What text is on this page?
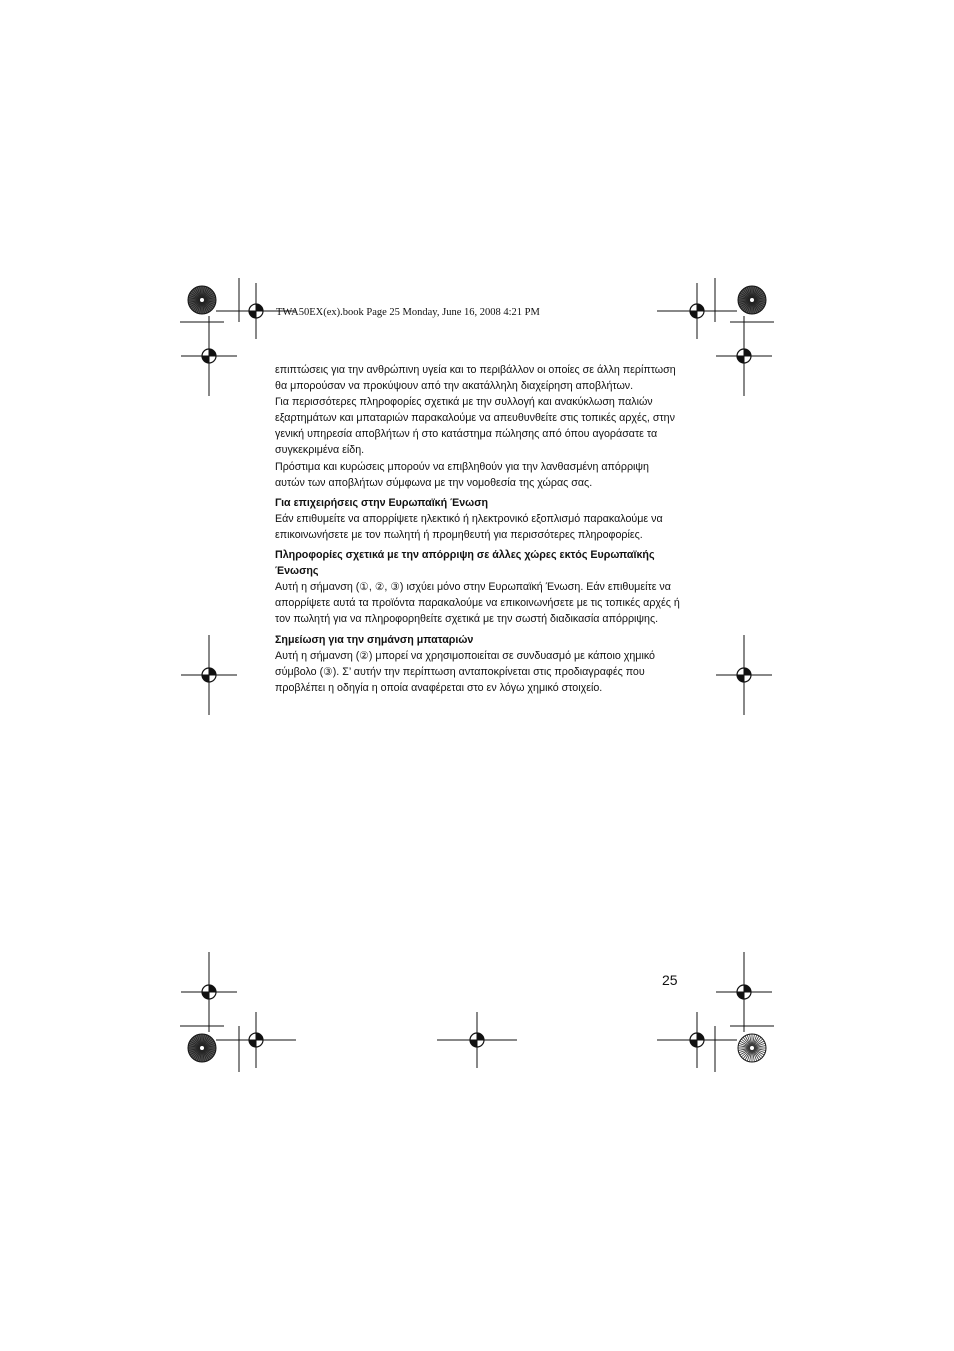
TWA50EX(ex).book Page 25 Monday, June 16, 2008 4:21 PM

επιπτώσεις για την ανθρώπινη υγεία και το περιβάλλον οι οποίες σε άλλη περίπτωση θα μπορούσαν να προκύψουν από την ακατάλληλη διαχείρηση αποβλήτων.

Για περισσότερες πληροφορίες σχετικά με την συλλογή και ανακύκλωση παλιών εξαρτημάτων και μπαταριών παρακαλούμε να απευθυνθείτε στις τοπικές αρχές, στην γενική υπηρεσία αποβλήτων ή στο κατάστημα πώλησης από όπου αγοράσατε τα συγκεκριμένα είδη.

Πρόστιμα και κυρώσεις μπορούν να επιβληθούν για την λανθασμένη απόρριψη αυτών των αποβλήτων σύμφωνα με την νομοθεσία της χώρας σας.

Για επιχειρήσεις στην Ευρωπαϊκή Ένωση

Εάν επιθυμείτε να απορρίψετε ηλεκτικό ή ηλεκτρονικό εξοπλισμό παρακαλούμε να επικοινωνήσετε με τον πωλητή ή προμηθευτή για περισσότερες πληροφορίες.

Πληροφορίες σχετικά με την απόρριψη σε άλλες χώρες εκτός Ευρωπαϊκής Ένωσης

Αυτή η σήμανση (①, ②, ③) ισχύει μόνο στην Ευρωπαϊκή Ένωση. Εάν επιθυμείτε να απορρίψετε αυτά τα προϊόντα παρακαλούμε να επικοινωνήσετε με τις τοπικές αρχές ή τον πωλητή για να πληροφορηθείτε σχετικά με την σωστή διαδικασία απόρριψης.

Σημείωση για την σημάνση μπαταριών

Αυτή η σήμανση (②) μπορεί να χρησιμοποιείται σε συνδυασμό με κάποιο χημικό σύμβολο (③). Σ’ αυτήν την περίπτωση ανταποκρίνεται στις προδιαγραφές που προβλέπει η οδηγία η οποία αναφέρεται στο εν λόγω χημικό στοιχείο.

25
